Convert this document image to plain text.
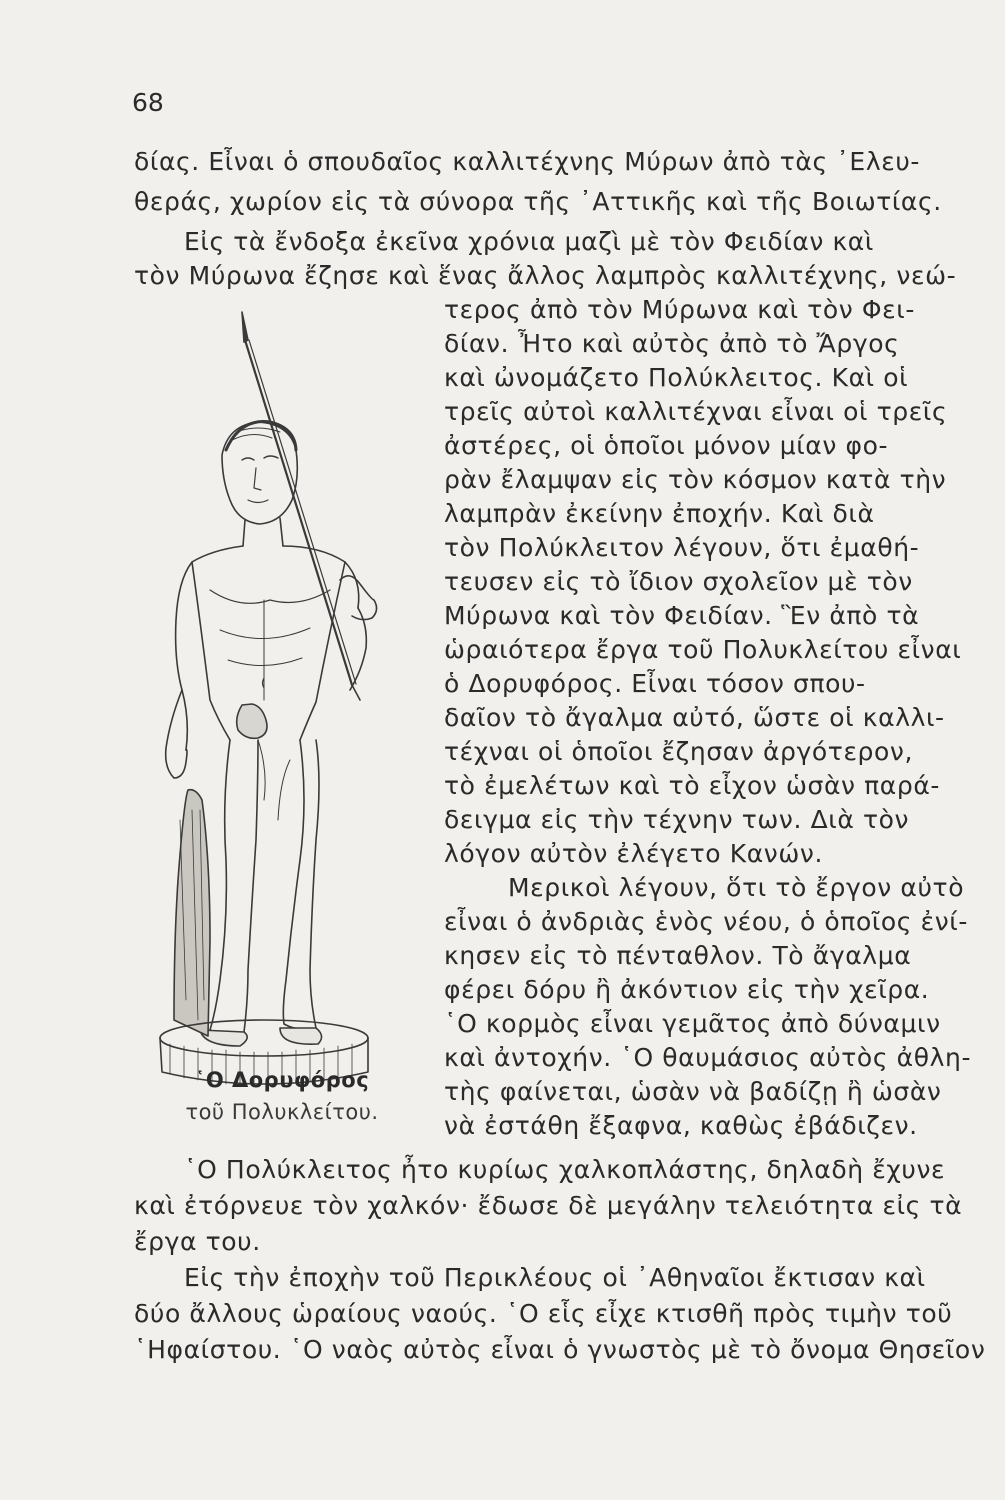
68

δίας. Εἶναι ὁ σπουδαῖος καλλιτέχνης Μύρων ἀπὸ τὰς ᾿Ελευ-

θεράς, χωρίον εἰς τὰ σύνορα τῆς ᾿Αττικῆς καὶ τῆς Βοιωτίας.

Εἰς τὰ ἔνδοξα ἐκεῖνα χρόνια μαζὶ μὲ τὸν Φειδίαν καὶ

τὸν Μύρωνα ἔζησε καὶ ἕνας ἄλλος λαμπρὸς καλλιτέχνης, νεώ-

τερος ἀπὸ τὸν Μύρωνα καὶ τὸν Φει-

δίαν. Ἦτο καὶ αὐτὸς ἀπὸ τὸ Ἄργος

καὶ ὠνομάζετο Πολύκλειτος. Καὶ οἱ

τρεῖς αὐτοὶ καλλιτέχναι εἶναι οἱ τρεῖς

ἀστέρες, οἱ ὁποῖοι μόνον μίαν φο-

ρὰν ἔλαμψαν εἰς τὸν κόσμον κατὰ τὴν

λαμπρὰν ἐκείνην ἐποχήν. Καὶ διὰ

τὸν Πολύκλειτον λέγουν, ὅτι ἐμαθή-

τευσεν εἰς τὸ ἴδιον σχολεῖον μὲ τὸν

Μύρωνα καὶ τὸν Φειδίαν. Ἓν ἀπὸ τὰ

ὡραιότερα ἔργα τοῦ Πολυκλείτου εἶναι

ὁ Δορυφόρος. Εἶναι τόσον σπου-

δαῖον τὸ ἄγαλμα αὐτό, ὥστε οἱ καλλι-

τέχναι οἱ ὁποῖοι ἔζησαν ἀργότερον,

τὸ ἐμελέτων καὶ τὸ εἶχον ὡσὰν παρά-

δειγμα εἰς τὴν τέχνην των. Διὰ τὸν

λόγον αὐτὸν ἐλέγετο Κανών.

Μερικοὶ λέγουν, ὅτι τὸ ἔργον αὐτὸ

εἶναι ὁ ἀνδριὰς ἑνὸς νέου, ὁ ὁποῖος ἐνί-

κησεν εἰς τὸ πένταθλον. Τὸ ἄγαλμα

φέρει δόρυ ἢ ἀκόντιον εἰς τὴν χεῖρα.

῾Ο κορμὸς εἶναι γεμᾶτος ἀπὸ δύναμιν

καὶ ἀντοχήν. ῾Ο θαυμάσιος αὐτὸς ἀθλη-

τὴς φαίνεται, ὡσὰν νὰ βαδίζῃ ἢ ὡσὰν

νὰ ἐστάθη ἔξαφνα, καθὼς ἐβάδιζεν.

῾Ο Δορυφόρος
τοῦ Πολυκλείτου.

῾Ο Πολύκλειτος ἦτο κυρίως χαλκοπλάστης, δηλαδὴ ἔχυνε

καὶ ἐτόρνευε τὸν χαλκόν· ἔδωσε δὲ μεγάλην τελειότητα εἰς τὰ

ἔργα του.

Εἰς τὴν ἐποχὴν τοῦ Περικλέους οἱ ᾿Αθηναῖοι ἔκτισαν καὶ

δύο ἄλλους ὡραίους ναούς. ῾Ο εἷς εἶχε κτισθῆ πρὸς τιμὴν τοῦ

῾Ηφαίστου. ῾Ο ναὸς αὐτὸς εἶναι ὁ γνωστὸς μὲ τὸ ὄνομα Θησεῖον
